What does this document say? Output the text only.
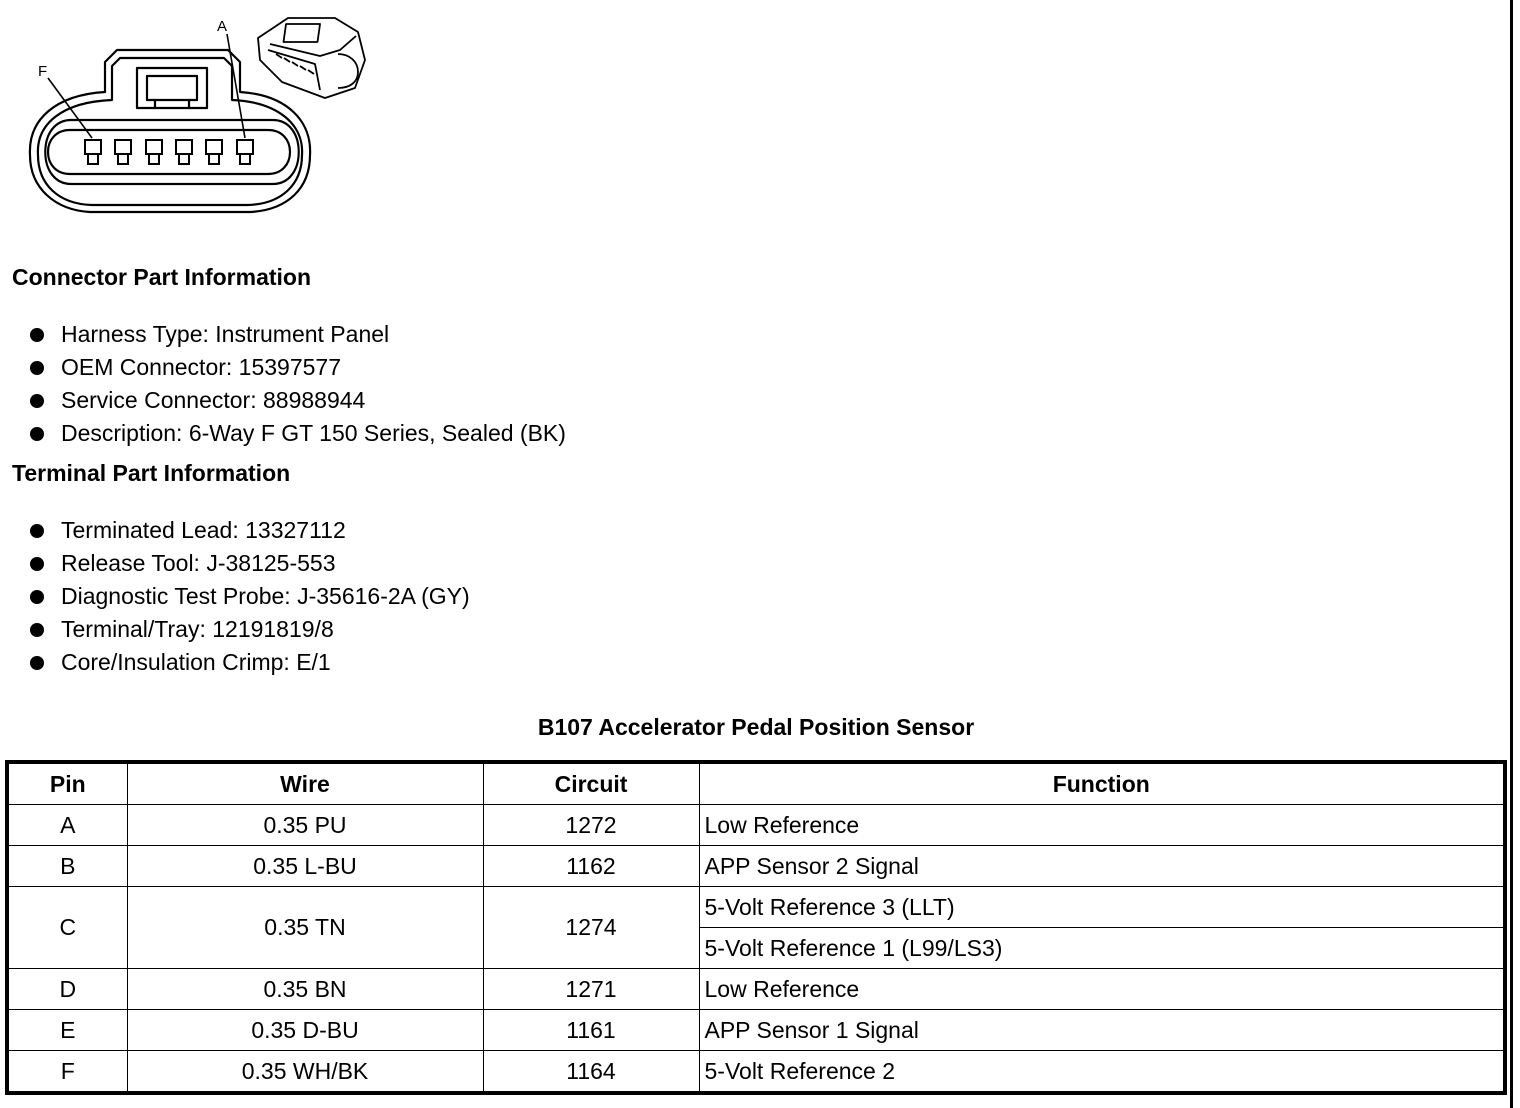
F
A
Connector Part Information
Harness Type: Instrument Panel
OEM Connector: 15397577
Service Connector: 88988944
Description: 6-Way F GT 150 Series, Sealed (BK)
Terminal Part Information
Terminated Lead: 13327112
Release Tool: J-38125-553
Diagnostic Test Probe: J-35616-2A (GY)
Terminal/Tray: 12191819/8
Core/Insulation Crimp: E/1
B107 Accelerator Pedal Position Sensor
Pin	Wire	Circuit	Function
A	0.35 PU	1272	Low Reference
B	0.35 L-BU	1162	APP Sensor 2 Signal
C	0.35 TN	1274	5-Volt Reference 3 (LLT)
			5-Volt Reference 1 (L99/LS3)
D	0.35 BN	1271	Low Reference
E	0.35 D-BU	1161	APP Sensor 1 Signal
F	0.35 WH/BK	1164	5-Volt Reference 2
